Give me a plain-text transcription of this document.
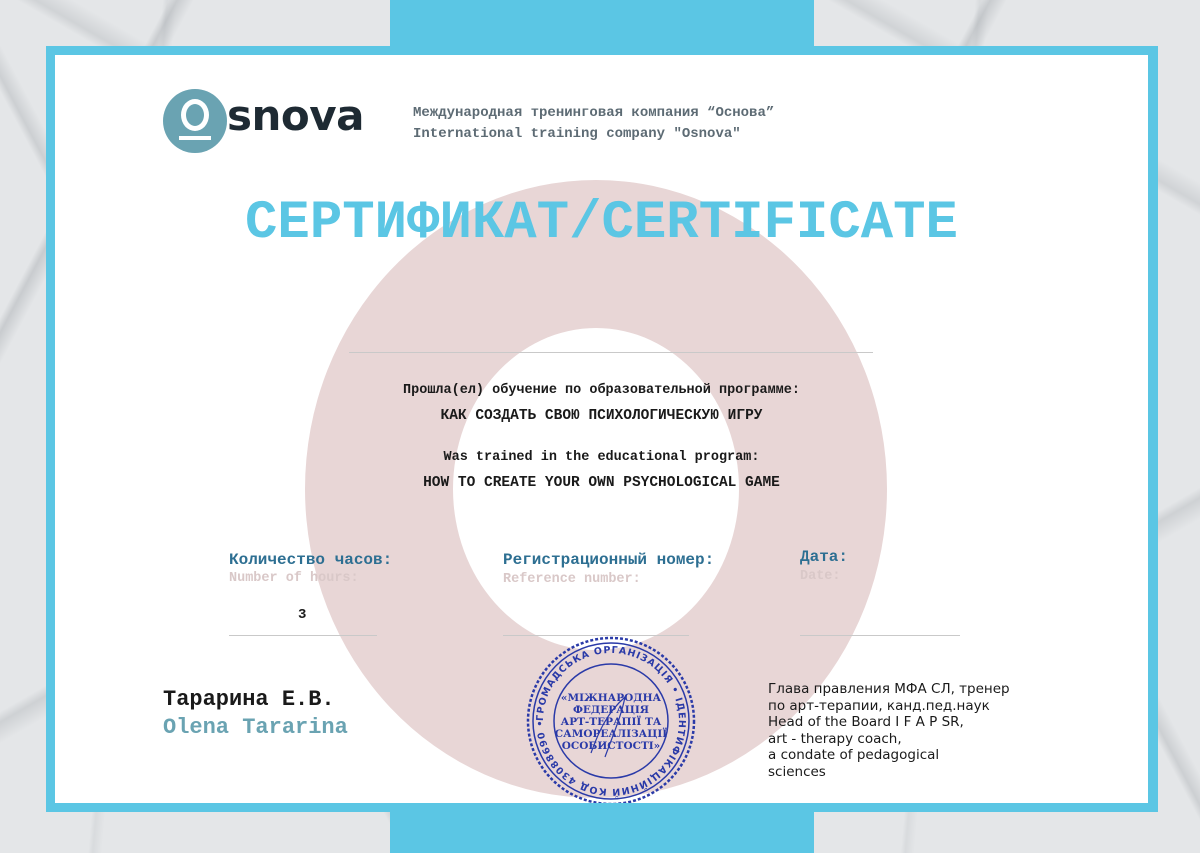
snova	Международная тренинговая компания “Основа”
International training company "Osnova"
СЕРТИФИКАТ/CERTIFICATE
Прошла(ел) обучение по образовательной программе:
КАК СОЗДАТЬ СВОЮ ПСИХОЛОГИЧЕСКУЮ ИГРУ
Was trained in the educational program:
HOW TO CREATE YOUR OWN PSYCHOLOGICAL GAME
Количество часов:
Number of hours:
3
Регистрационный номер:
Reference number:
Дата:
Date:
Тарарина Е.В.
Olena Tararina	ГРОМАДСЬКА ОРГАНІЗАЦІЯ • ІДЕНТИФІКАЦІЙНИЙ КОД 43088690 •
«МІЖНАРОДНА
ФЕДЕРАЦІЯ
АРТ-ТЕРАПІЇ ТА
САМОРЕАЛІЗАЦІЇ
ОСОБИСТОСТІ»
Глава правления МФА СЛ, тренер
по арт-терапии, канд.пед.наук
Head of the Board I F A P SR,
art - therapy coach,
a condate of pedagogical
sciences
